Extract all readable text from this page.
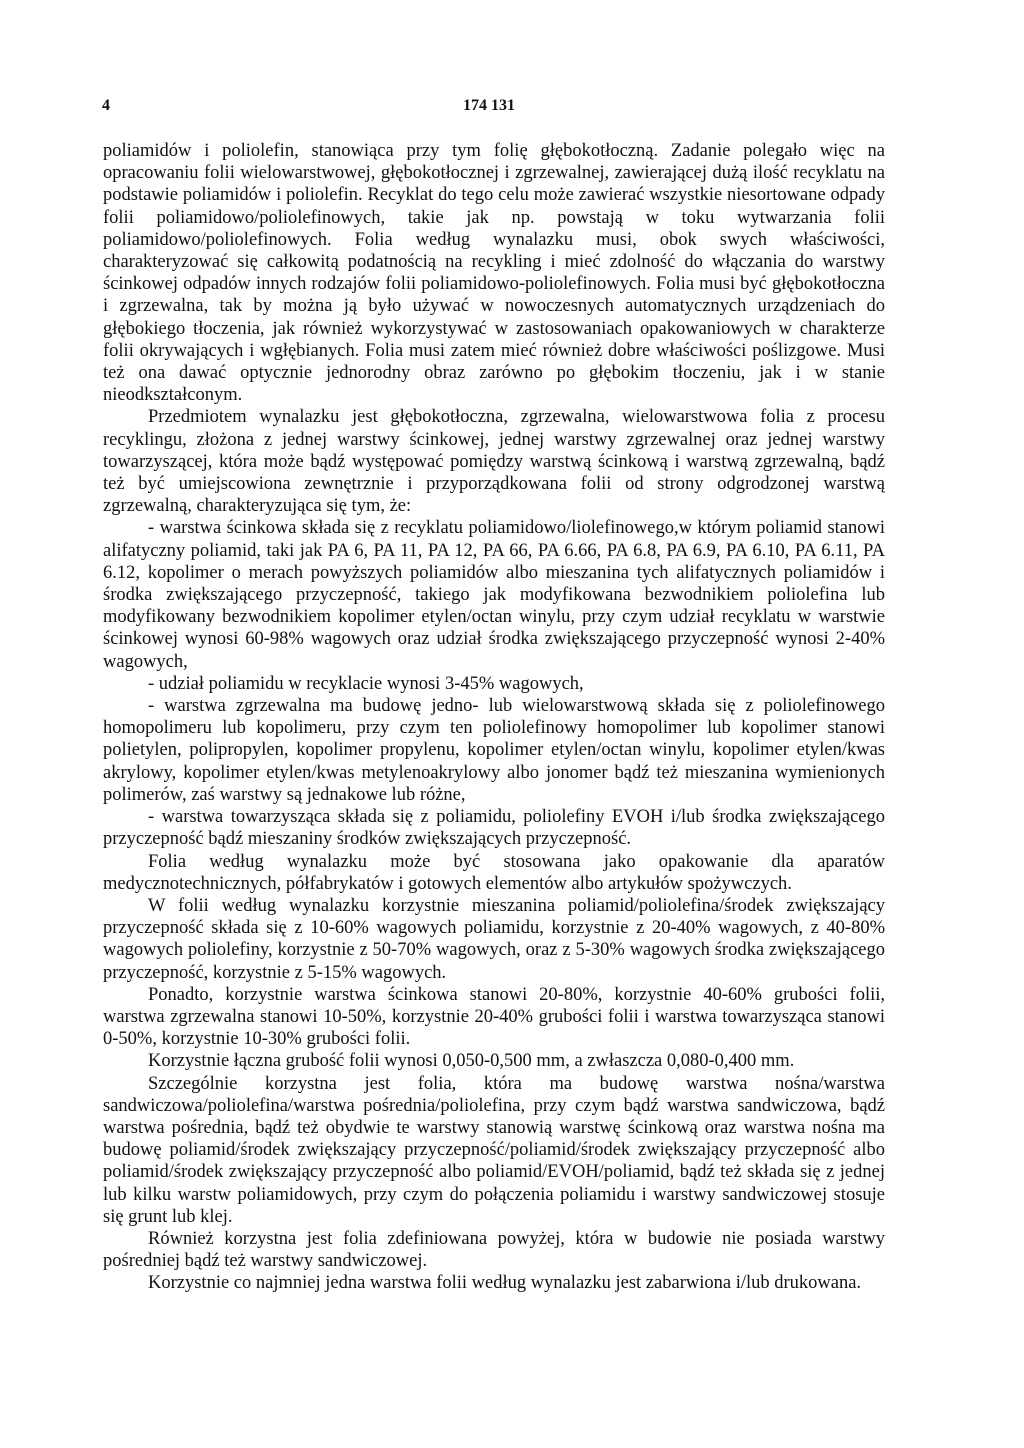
4	174 131

poliamidów i poliolefin, stanowiąca przy tym folię głębokotłoczną. Zadanie polegało więc na opracowaniu folii wielowarstwowej, głębokotłocznej i zgrzewalnej, zawierającej dużą ilość recyklatu na podstawie poliamidów i poliolefin. Recyklat do tego celu może zawierać wszystkie niesortowane odpady folii poliamidowo/poliolefinowych, takie jak np. powstają w toku wytwarzania folii poliamidowo/poliolefinowych. Folia według wynalazku musi, obok swych właściwości, charakteryzować się całkowitą podatnością na recykling i mieć zdolność do włączania do warstwy ścinkowej odpadów innych rodzajów folii poliamidowo-poliolefinowych. Folia musi być głębokotłoczna i zgrzewalna, tak by można ją było używać w nowoczesnych automatycznych urządzeniach do głębokiego tłoczenia, jak również wykorzystywać w zastosowaniach opakowaniowych w charakterze folii okrywających i wgłębianych. Folia musi zatem mieć również dobre właściwości poślizgowe. Musi też ona dawać optycznie jednorodny obraz zarówno po głębokim tłoczeniu, jak i w stanie nieodkształconym.

Przedmiotem wynalazku jest głębokotłoczna, zgrzewalna, wielowarstwowa folia z procesu recyklingu, złożona z jednej warstwy ścinkowej, jednej warstwy zgrzewalnej oraz jednej warstwy towarzyszącej, która może bądź występować pomiędzy warstwą ścinkową i warstwą zgrzewalną, bądź też być umiejscowiona zewnętrznie i przyporządkowana folii od strony odgrodzonej warstwą zgrzewalną, charakteryzująca się tym, że:

- warstwa ścinkowa składa się z recyklatu poliamidowo/liolefinowego,w którym poliamid stanowi alifatyczny poliamid, taki jak PA 6, PA 11, PA 12, PA 66, PA 6.66, PA 6.8, PA 6.9, PA 6.10, PA 6.11, PA 6.12, kopolimer o merach powyższych poliamidów albo mieszanina tych alifatycznych poliamidów i środka zwiększającego przyczepność, takiego jak modyfikowana bezwodnikiem poliolefina lub modyfikowany bezwodnikiem kopolimer etylen/octan winylu, przy czym udział recyklatu w warstwie ścinkowej wynosi 60-98% wagowych oraz udział środka zwiększającego przyczepność wynosi 2-40% wagowych,

- udział poliamidu w recyklacie wynosi 3-45% wagowych,

- warstwa zgrzewalna ma budowę jedno- lub wielowarstwową składa się z poliolefinowego homopolimeru lub kopolimeru, przy czym ten poliolefinowy homopolimer lub kopolimer stanowi polietylen, polipropylen, kopolimer propylenu, kopolimer etylen/octan winylu, kopolimer etylen/kwas akrylowy, kopolimer etylen/kwas metylenoakrylowy albo jonomer bądź też mieszanina wymienionych polimerów, zaś warstwy są jednakowe lub różne,

- warstwa towarzysząca składa się z poliamidu, poliolefiny EVOH i/lub środka zwiększającego przyczepność bądź mieszaniny środków zwiększających przyczepność.

Folia według wynalazku może być stosowana jako opakowanie dla aparatów medycznotechnicznych, półfabrykatów i gotowych elementów albo artykułów spożywczych.

W folii według wynalazku korzystnie mieszanina poliamid/poliolefina/środek zwiększający przyczepność składa się z 10-60% wagowych poliamidu, korzystnie z 20-40% wagowych, z 40-80% wagowych poliolefiny, korzystnie z 50-70% wagowych, oraz z 5-30% wagowych środka zwiększającego przyczepność, korzystnie z 5-15% wagowych.

Ponadto, korzystnie warstwa ścinkowa stanowi 20-80%, korzystnie 40-60% grubości folii, warstwa zgrzewalna stanowi 10-50%, korzystnie 20-40% grubości folii i warstwa towarzysząca stanowi 0-50%, korzystnie 10-30% grubości folii.

Korzystnie łączna grubość folii wynosi 0,050-0,500 mm, a zwłaszcza 0,080-0,400 mm.

Szczególnie korzystna jest folia, która ma budowę warstwa nośna/warstwa sandwiczowa/poliolefina/warstwa pośrednia/poliolefina, przy czym bądź warstwa sandwiczowa, bądź warstwa pośrednia, bądź też obydwie te warstwy stanowią warstwę ścinkową oraz warstwa nośna ma budowę poliamid/środek zwiększający przyczepność/poliamid/środek zwiększający przyczepność albo poliamid/środek zwiększający przyczepność albo poliamid/EVOH/poliamid, bądź też składa się z jednej lub kilku warstw poliamidowych, przy czym do połączenia poliamidu i warstwy sandwiczowej stosuje się grunt lub klej.

Również korzystna jest folia zdefiniowana powyżej, która w budowie nie posiada warstwy pośredniej bądź też warstwy sandwiczowej.

Korzystnie co najmniej jedna warstwa folii według wynalazku jest zabarwiona i/lub drukowana.
